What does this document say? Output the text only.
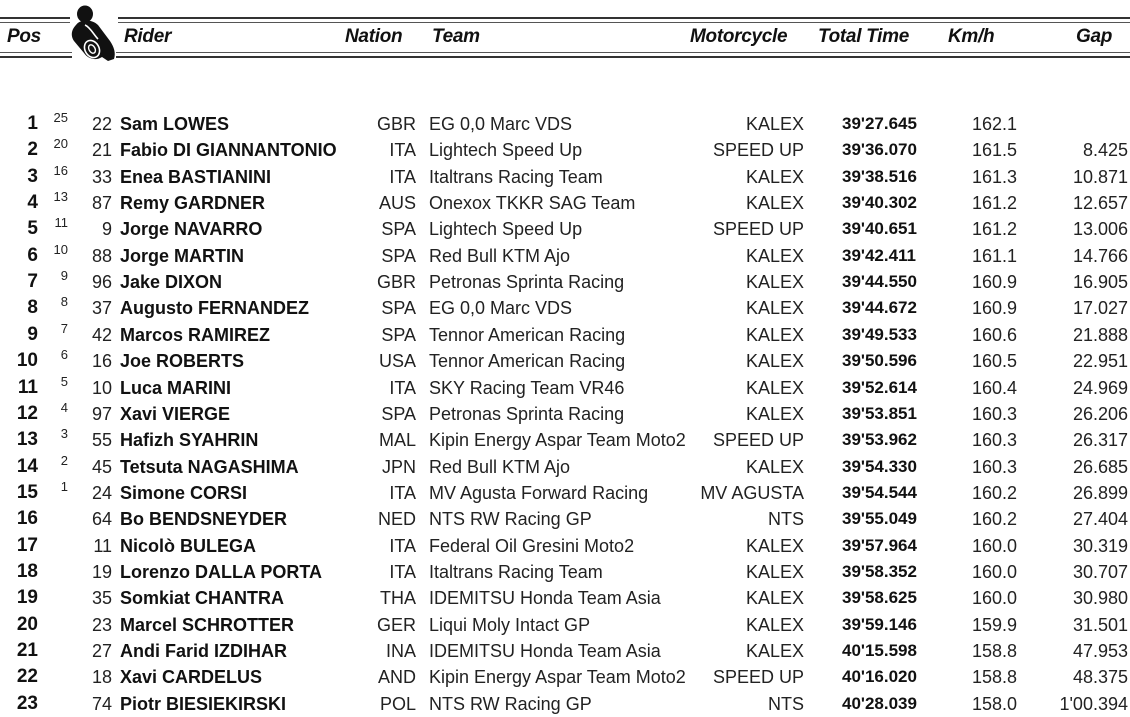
Pos	Rider	Nation Team	Motorcycle Total Time Km/h	Gap
1	25	22 Sam LOWES	GBR EG 0,0 Marc VDS	KALEX 39'27.645	162.1
2	20	21 Fabio DI GIANNANTONIO	ITA Lightech Speed Up	SPEED UP 39'36.070	161.5	8.425
3	16	33 Enea BASTIANINI	ITA Italtrans Racing Team	KALEX 39'38.516	161.3	10.871
4	13	87 Remy GARDNER	AUS Onexox TKKR SAG Team	KALEX 39'40.302	161.2	12.657
5	11	9 Jorge NAVARRO	SPA Lightech Speed Up	SPEED UP 39'40.651	161.2	13.006
6	10	88 Jorge MARTIN	SPA Red Bull KTM Ajo	KALEX 39'42.411	161.1	14.766
7	9	96 Jake DIXON	GBR Petronas Sprinta Racing	KALEX 39'44.550	160.9	16.905
8	8	37 Augusto FERNANDEZ	SPA EG 0,0 Marc VDS	KALEX 39'44.672	160.9	17.027
9	7	42 Marcos RAMIREZ	SPA Tennor American Racing	KALEX 39'49.533	160.6	21.888
10	6	16 Joe ROBERTS	USA Tennor American Racing	KALEX 39'50.596	160.5	22.951
11	5	10 Luca MARINI	ITA SKY Racing Team VR46	KALEX 39'52.614	160.4	24.969
12	4	97 Xavi VIERGE	SPA Petronas Sprinta Racing	KALEX 39'53.851	160.3	26.206
13	3	55 Hafizh SYAHRIN	MAL Kipin Energy Aspar Team Moto2	SPEED UP 39'53.962	160.3	26.317
14	2	45 Tetsuta NAGASHIMA	JPN Red Bull KTM Ajo	KALEX 39'54.330	160.3	26.685
15	1	24 Simone CORSI	ITA MV Agusta Forward Racing	MV AGUSTA 39'54.544	160.2	26.899
16	64 Bo BENDSNEYDER	NED NTS RW Racing GP	NTS 39'55.049	160.2	27.404
17	11 Nicolò BULEGA	ITA Federal Oil Gresini Moto2	KALEX 39'57.964	160.0	30.319
18	19 Lorenzo DALLA PORTA	ITA Italtrans Racing Team	KALEX 39'58.352	160.0	30.707
19	35 Somkiat CHANTRA	THA IDEMITSU Honda Team Asia	KALEX 39'58.625	160.0	30.980
20	23 Marcel SCHROTTER	GER Liqui Moly Intact GP	KALEX 39'59.146	159.9	31.501
21	27 Andi Farid IZDIHAR	INA IDEMITSU Honda Team Asia	KALEX 40'15.598	158.8	47.953
22	18 Xavi CARDELUS	AND Kipin Energy Aspar Team Moto2	SPEED UP 40'16.020	158.8	48.375
23	74 Piotr BIESIEKIRSKI	POL NTS RW Racing GP	NTS 40'28.039	158.0	1'00.394
